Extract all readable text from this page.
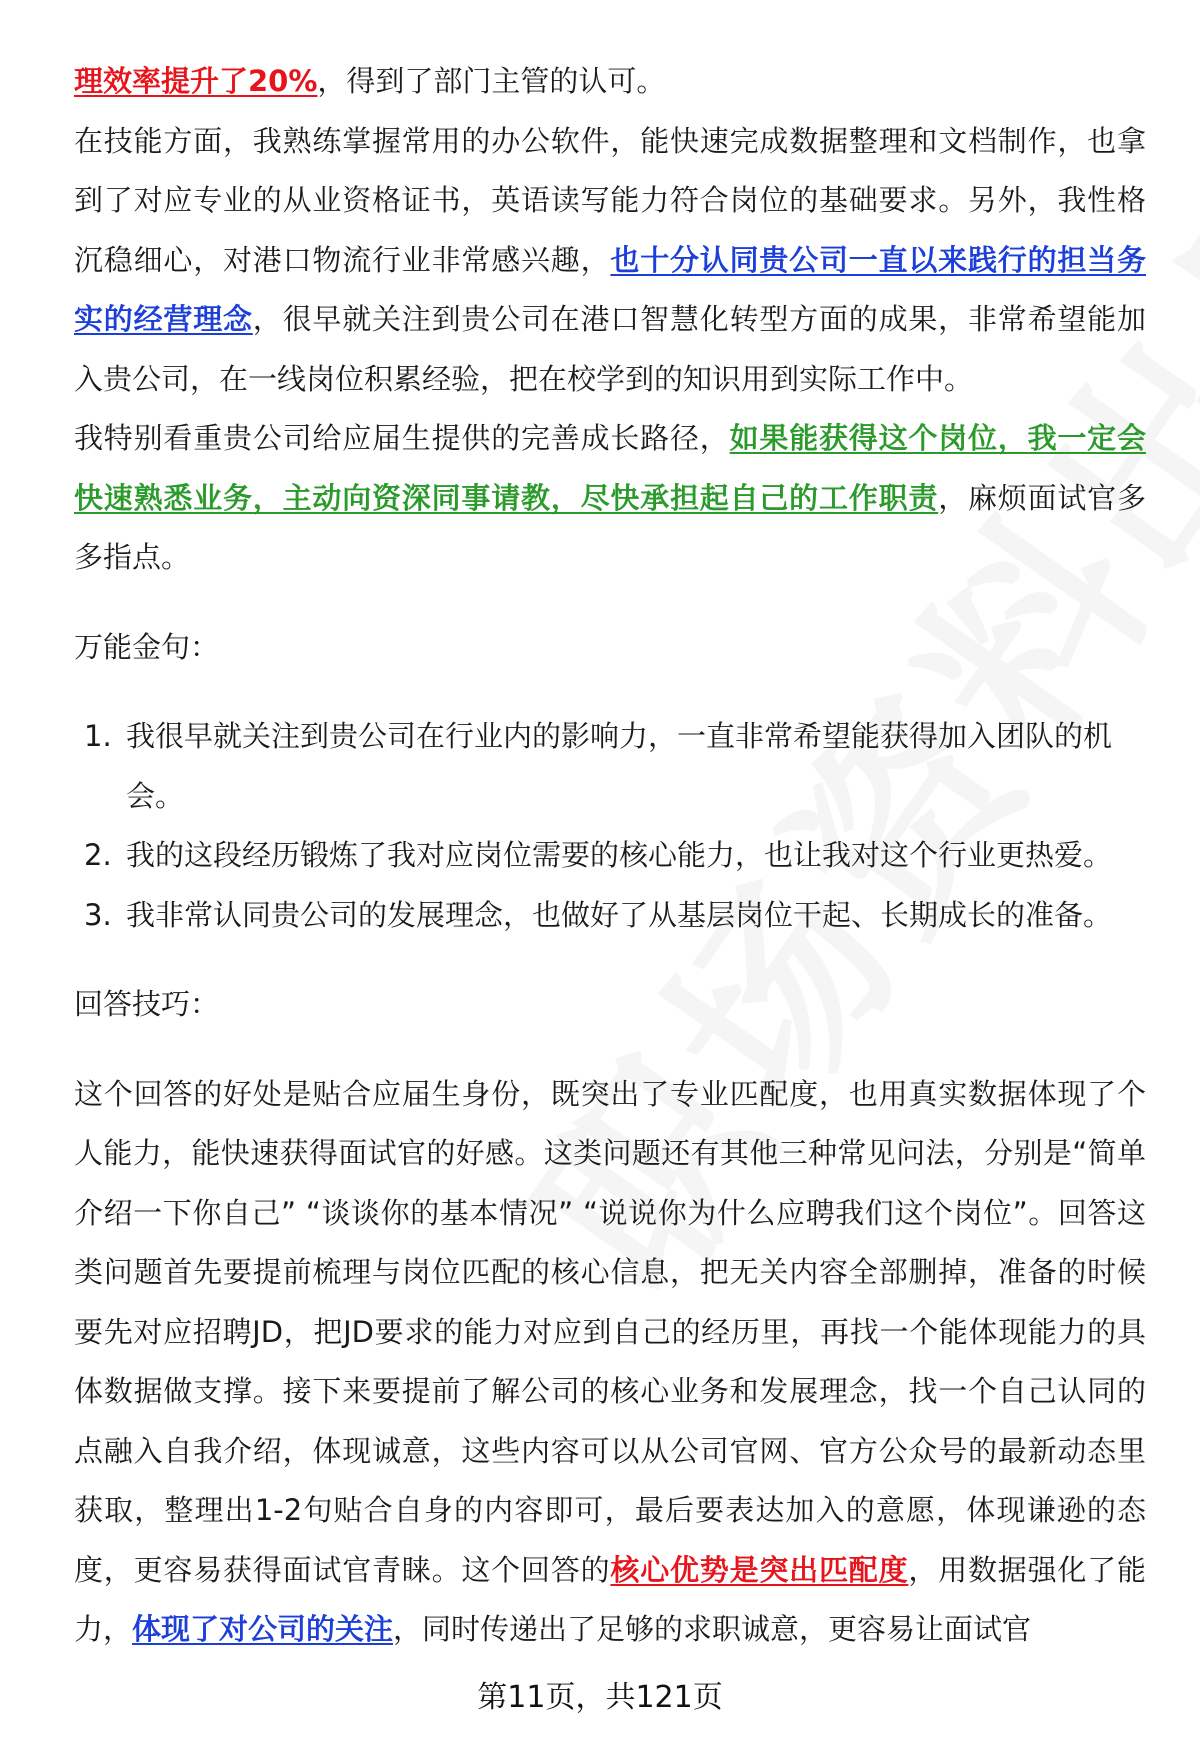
理效率提升了20%，得到了部门主管的认可。

在技能方面，我熟练掌握常用的办公软件，能快速完成数据整理和文档制作，也拿到了对应专业的从业资格证书，英语读写能力符合岗位的基础要求。另外，我性格沉稳细心，对港口物流行业非常感兴趣，也十分认同贵公司一直以来践行的担当务实的经营理念，很早就关注到贵公司在港口智慧化转型方面的成果，非常希望能加入贵公司，在一线岗位积累经验，把在校学到的知识用到实际工作中。

我特别看重贵公司给应届生提供的完善成长路径，如果能获得这个岗位，我一定会快速熟悉业务，主动向资深同事请教，尽快承担起自己的工作职责，麻烦面试官多多指点。

万能金句：

1. 我很早就关注到贵公司在行业内的影响力，一直非常希望能获得加入团队的机会。
2. 我的这段经历锻炼了我对应岗位需要的核心能力，也让我对这个行业更热爱。
3. 我非常认同贵公司的发展理念，也做好了从基层岗位干起、长期成长的准备。

回答技巧：

这个回答的好处是贴合应届生身份，既突出了专业匹配度，也用真实数据体现了个人能力，能快速获得面试官的好感。这类问题还有其他三种常见问法，分别是“简单介绍一下你自己” “谈谈你的基本情况” “说说你为什么应聘我们这个岗位”。回答这类问题首先要提前梳理与岗位匹配的核心信息，把无关内容全部删掉，准备的时候要先对应招聘JD，把JD要求的能力对应到自己的经历里，再找一个能体现能力的具体数据做支撑。接下来要提前了解公司的核心业务和发展理念，找一个自己认同的点融入自我介绍，体现诚意，这些内容可以从公司官网、官方公众号的最新动态里获取，整理出1-2句贴合自身的内容即可，最后要表达加入的意愿，体现谦逊的态度，更容易获得面试官青睐。这个回答的核心优势是突出匹配度，用数据强化了能力，体现了对公司的关注，同时传递出了足够的求职诚意，更容易让面试官

第11页，共121页
